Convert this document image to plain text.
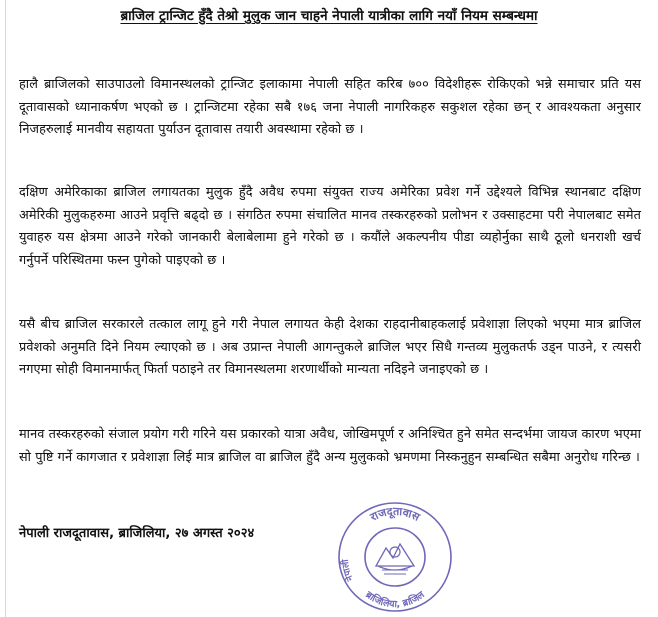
ब्राजिल ट्रान्जिट हुँदै तेश्रो मुलुक जान चाहने नेपाली यात्रीका लागि नयाँ नियम सम्बन्धमा

हालै ब्राजिलको साउपाउलो विमानस्थलको ट्रान्जिट इलाकामा नेपाली सहित करिब ७०० विदेशीहरू रोकिएको भन्ने समाचार प्रति यस दूतावासको ध्यानाकर्षण भएको छ । ट्रान्जिटमा रहेका सबै १७६ जना नेपाली नागरिकहरु सकुशल रहेका छन् र आवश्यकता अनुसार निजहरुलाई मानवीय सहायता पुर्याउन दूतावास तयारी अवस्थामा रहेको छ ।

दक्षिण अमेरिकाका ब्राजिल लगायतका मुलुक हुँदै अवैध रुपमा संयुक्त राज्य अमेरिका प्रवेश गर्ने उद्देश्यले विभिन्न स्थानबाट दक्षिण अमेरिकी मुलुकहरुमा आउने प्रवृत्ति बढ्दो छ । संगठित रुपमा संचालित मानव तस्करहरुको प्रलोभन र उक्साहटमा परी नेपालबाट समेत युवाहरु यस क्षेत्रमा आउने गरेको जानकारी बेलाबेलामा हुने गरेको छ । कयौंले अकल्पनीय पीडा व्यहोर्नुका साथै ठूलो धनराशी खर्च गर्नुपर्ने परिस्थितमा फस्न पुगेको पाइएको छ ।

यसै बीच ब्राजिल सरकारले तत्काल लागू हुने गरी नेपाल लगायत केही देशका राहदानीबाहकलाई प्रवेशाज्ञा लिएको भएमा मात्र ब्राजिल प्रवेशको अनुमति दिने नियम ल्याएको छ । अब उप्रान्त नेपाली आगन्तुकले ब्राजिल भएर सिधै गन्तव्य मुलुकतर्फ उड्न पाउने, र त्यसरी नगएमा सोही विमानमार्फत् फिर्ता पठाइने तर विमानस्थलमा शरणार्थीको मान्यता नदिइने जनाइएको छ ।

मानव तस्करहरुको संजाल प्रयोग गरी गरिने यस प्रकारको यात्रा अवैध, जोखिमपूर्ण र अनिश्चित हुने समेत सन्दर्भमा जायज कारण भएमा सो पुष्टि गर्ने कागजात र प्रवेशाज्ञा लिई मात्र ब्राजिल वा ब्राजिल हुँदै अन्य मुलुकको भ्रमणमा निस्कनुहुन सम्बन्धित सबैमा अनुरोध गरिन्छ ।

नेपाली राजदूतावास, ब्राजिलिया, २७ अगस्त २०२४
राजदूतावास
नेपाली
ब्राजिलिया, ब्राजिल
